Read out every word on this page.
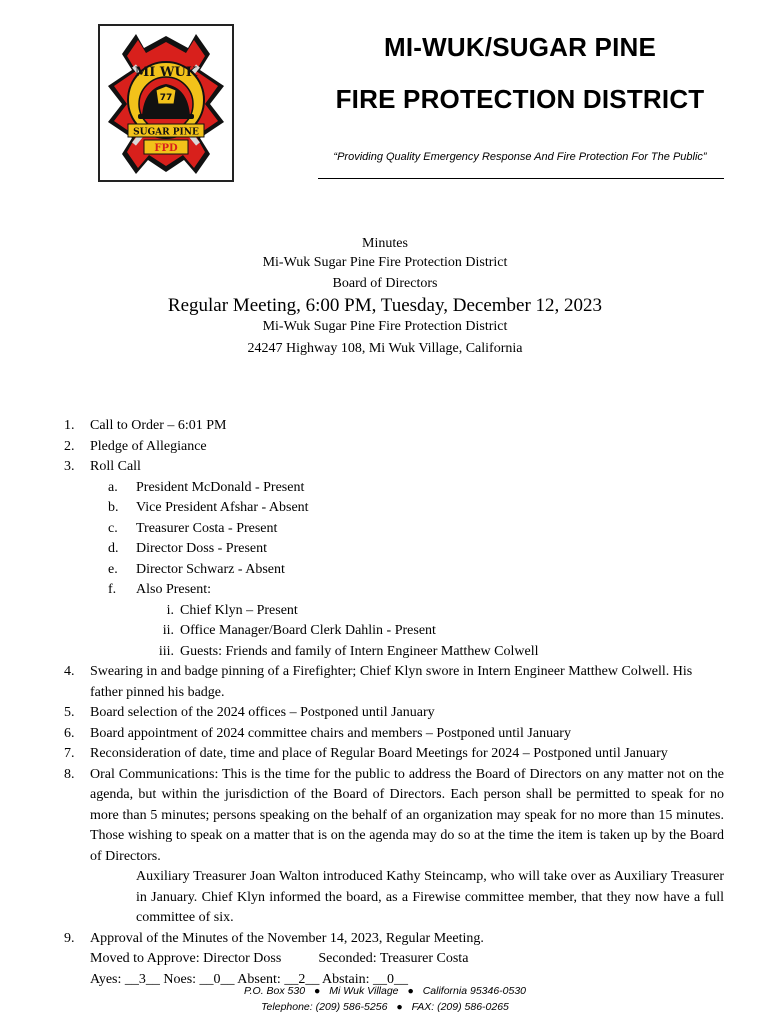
77
MI WUK
SUGAR PINE
FPD
MI-WUK/SUGAR PINE
FIRE PROTECTION DISTRICT
“Providing Quality Emergency Response And Fire Protection For The Public”
Minutes
Mi-Wuk Sugar Pine Fire Protection District
Board of Directors
Regular Meeting, 6:00 PM, Tuesday, December 12, 2023
Mi-Wuk Sugar Pine Fire Protection District
24247 Highway 108, Mi Wuk Village, California
1.	Call to Order – 6:01 PM
2.	Pledge of Allegiance
3.	Roll Call
a.	President McDonald - Present
b.	Vice President Afshar - Absent
c.	Treasurer Costa - Present
d.	Director Doss - Present
e.	Director Schwarz - Absent
f.	Also Present:
i. Chief Klyn – Present
ii. Office Manager/Board Clerk Dahlin - Present
iii. Guests: Friends and family of Intern Engineer Matthew Colwell
4.	Swearing in and badge pinning of a Firefighter; Chief Klyn swore in Intern Engineer Matthew Colwell. His father pinned his badge.
5.	Board selection of the 2024 offices – Postponed until January
6.	Board appointment of 2024 committee chairs and members – Postponed until January
7.	Reconsideration of date, time and place of Regular Board Meetings for 2024 – Postponed until January
8.	Oral Communications: This is the time for the public to address the Board of Directors on any matter not on the agenda, but within the jurisdiction of the Board of Directors. Each person shall be permitted to speak for no more than 5 minutes; persons speaking on the behalf of an organization may speak for no more than 15 minutes. Those wishing to speak on a matter that is on the agenda may do so at the time the item is taken up by the Board of Directors.
Auxiliary Treasurer Joan Walton introduced Kathy Steincamp, who will take over as Auxiliary Treasurer in January. Chief Klyn informed the board, as a Firewise committee member, that they now have a full committee of six.
9.	Approval of the Minutes of the November 14, 2023, Regular Meeting.
Moved to Approve: Director Doss	Seconded: Treasurer Costa
Ayes: __3__ Noes: __0__ Absent: __2__ Abstain: __0__
P.O. Box 530 ● Mi Wuk Village ● California 95346-0530
Telephone: (209) 586-5256 ● FAX: (209) 586-0265
